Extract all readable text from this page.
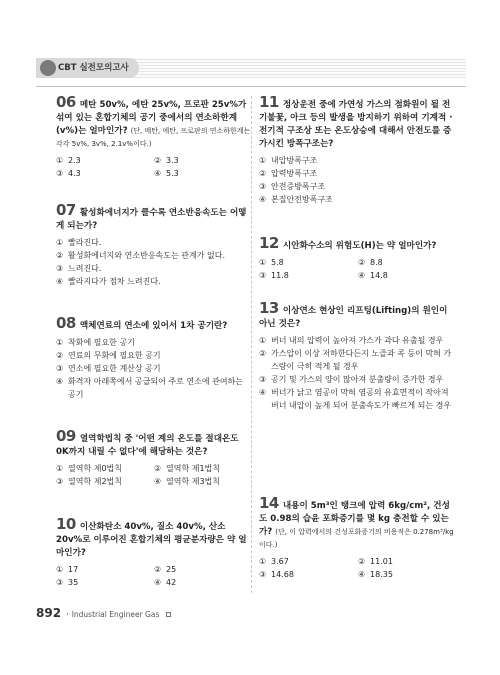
CBT 실전모의고사
06 메탄 50v%, 에탄 25v%, 프로판 25v%가 섞여 있는 혼합기체의 공기 중에서의 연소하한계(v%)는 얼마인가? (단, 메탄, 에탄, 프로판의 연소하한계는 각각 5v%, 3v%, 2.1v%이다.)
① 2.3	② 3.3
③ 4.3	④ 5.3
07 활성화에너지가 클수록 연소반응속도는 어떻게 되는가?
① 빨라진다.
② 활성화에너지와 연소반응속도는 관계가 없다.
③ 느려진다.
④ 빨라지다가 점차 느려진다.
08 액체연료의 연소에 있어서 1차 공기란?
① 착화에 필요한 공기
② 연료의 무화에 필요한 공기
③ 연소에 필요한 계산상 공기
④ 화격자 아래쪽에서 공급되어 주로 연소에 관여하는 공기
09 열역학법칙 중 '어떤 계의 온도를 절대온도 0K까지 내릴 수 없다'에 해당하는 것은?
① 열역학 제0법칙	② 열역학 제1법칙
③ 열역학 제2법칙	④ 열역학 제3법칙
10 이산화탄소 40v%, 질소 40v%, 산소 20v%로 이루어진 혼합기체의 평균분자량은 약 얼마인가?
① 17	② 25
③ 35	④ 42
11 정상운전 중에 가연성 가스의 점화원이 될 전기불꽃, 아크 등의 발생을 방지하기 위하여 기계적 · 전기적 구조상 또는 온도상승에 대해서 안전도를 증가시킨 방폭구조는?
① 내압방폭구조
② 압력방폭구조
③ 안전증방폭구조
④ 본질안전방폭구조
12 시안화수소의 위험도(H)는 약 얼마인가?
① 5.8	② 8.8
③ 11.8	④ 14.8
13 이상연소 현상인 리프팅(Lifting)의 원인이 아닌 것은?
① 버너 내의 압력이 높아져 가스가 과다 유출될 경우
② 가스압이 이상 저하한다든지 노즐과 콕 등이 막혀 가스량이 극히 적게 될 경우
③ 공기 및 가스의 양이 많아져 분출량이 증가한 경우
④ 버너가 낡고 염공이 막혀 염공의 유효면적이 작아져 버너 내압이 높게 되어 분출속도가 빠르게 되는 경우
14 내용이 5m³인 탱크에 압력 6kg/cm², 건성도 0.98의 습윤 포화증기를 몇 kg 충전할 수 있는가? (단, 이 압력에서의 건성포화증기의 비용적은 0.278m³/kg이다.)
① 3.67	② 11.01
③ 14.68	④ 18.35
892 · Industrial Engineer Gas
